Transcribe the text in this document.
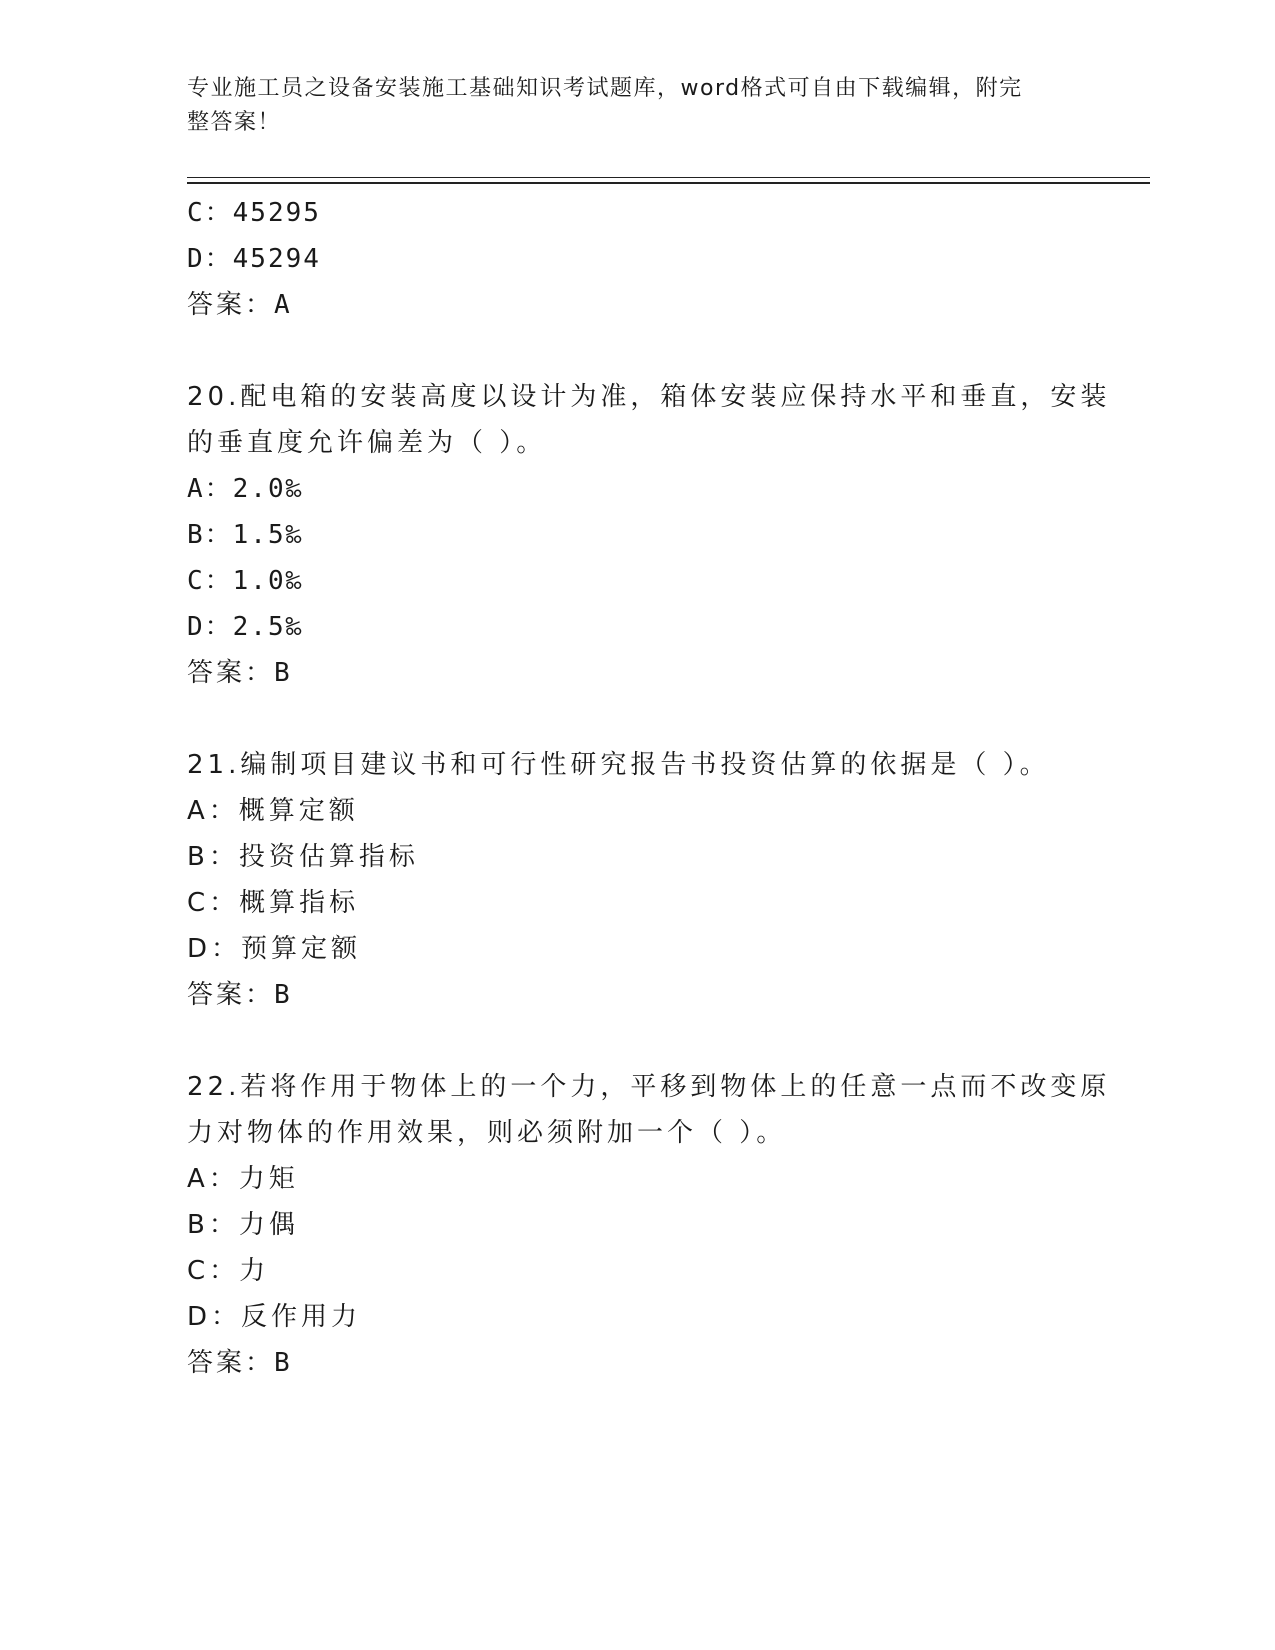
专业施工员之设备安装施工基础知识考试题库，word格式可自由下载编辑，附完
整答案！
C：45295
D：45294
答案：A
20.配电箱的安装高度以设计为准，箱体安装应保持水平和垂直，安装
的垂直度允许偏差为（ ）。
A：2.0‰
B：1.5‰
C：1.0‰
D：2.5‰
答案：B
21.编制项目建议书和可行性研究报告书投资估算的依据是（ ）。
A：概算定额
B：投资估算指标
C：概算指标
D：预算定额
答案：B
22.若将作用于物体上的一个力，平移到物体上的任意一点而不改变原
力对物体的作用效果，则必须附加一个（ ）。
A：力矩
B：力偶
C：力
D：反作用力
答案：B
